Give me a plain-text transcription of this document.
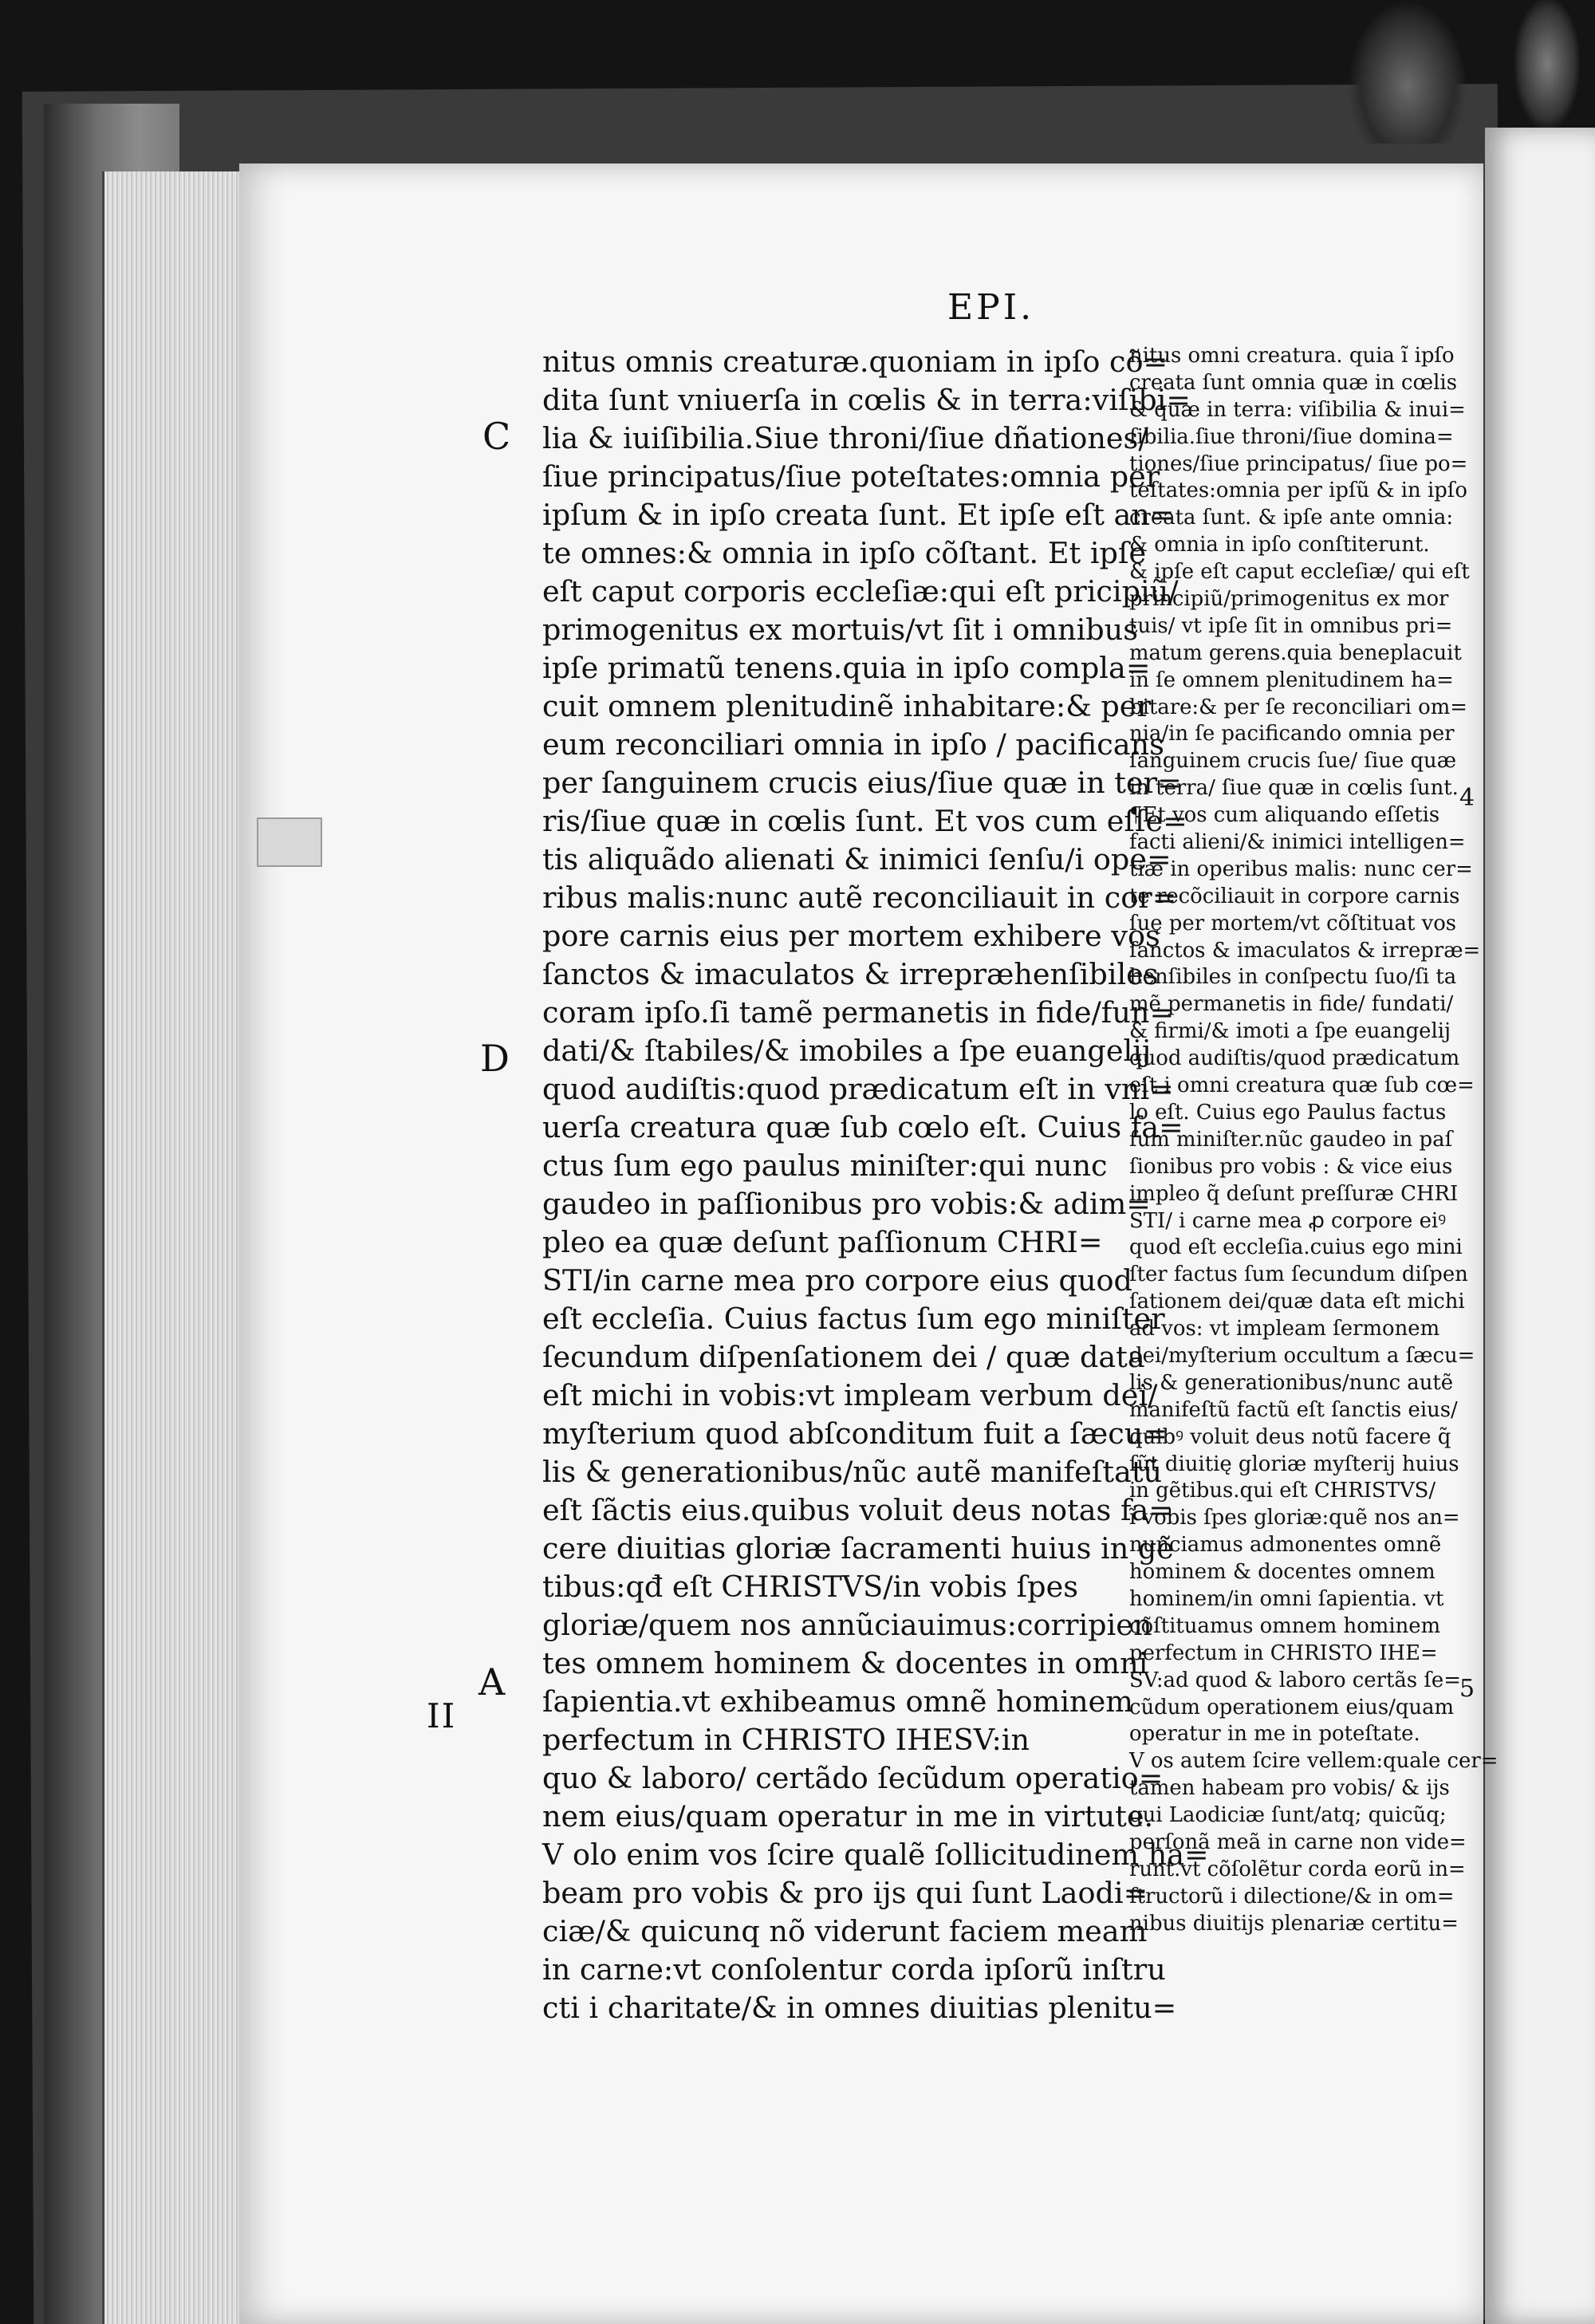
EPI.
C
D
A
II
4
5
nitus omnis creaturæ.quoniam in ipſo cõ=
dita ſunt vniuerſa in cœlis & in terra:viſibi=
lia & iuiſibilia.Siue throni/ſiue dñationes/
ſiue principatus/ſiue poteſtates:omnia per
ipſum & in ipſo creata ſunt. Et ipſe eſt an=
te omnes:& omnia in ipſo cõſtant. Et ipſe
eſt caput corporis eccleſiæ:qui eſt pricipiũ/
primogenitus ex mortuis/vt ſit i omnibus
ipſe primatũ tenens.quia in ipſo compla=
cuit omnem plenitudinẽ inhabitare:& per
eum reconciliari omnia in ipſo / pacificans
per ſanguinem crucis eius/ſiue quæ in ter=
ris/ſiue quæ in cœlis ſunt. Et vos cum eſſe=
tis aliquãdo alienati & inimici ſenſu/i ope=
ribus malis:nunc autẽ reconciliauit in cor=
pore carnis eius per mortem exhibere vos
ſanctos & imaculatos & irrepræhenſibiles
coram ipſo.ſi tamẽ permanetis in fide/fun=
dati/& ſtabiles/& imobiles a ſpe euangelij
quod audiſtis:quod prædicatum eſt in vni=
uerſa creatura quæ ſub cœlo eſt. Cuius fa=
ctus ſum ego paulus miniſter:qui nunc
gaudeo in paſſionibus pro vobis:& adim=
pleo ea quæ deſunt paſſionum CHRI=
STI/in carne mea pro corpore eius quod
eſt eccleſia. Cuius factus ſum ego miniſter
ſecundum diſpenſationem dei / quæ data
eſt michi in vobis:vt impleam verbum dei/
myſterium quod abſconditum fuit a ſæcu=
lis & generationibus/nũc autẽ manifeſtatũ
eſt ſãctis eius.quibus voluit deus notas fa=
cere diuitias gloriæ ſacramenti huius in gẽ
tibus:qđ eſt CHRISTVS/in vobis ſpes
gloriæ/quem nos annũciauimus:corripien
tes omnem hominem & docentes in omni
ſapientia.vt exhibeamus omnẽ hominem
perfectum in CHRISTO IHESV:in
quo & laboro/ certãdo ſecũdum operatio=
nem eius/quam operatur in me in virtute.
V olo enim vos ſcire qualẽ ſollicitudinem ha=
beam pro vobis & pro ijs qui ſunt Laodi=
ciæ/& quicunq nõ viderunt faciem meam
in carne:vt conſolentur corda ipſorũ inſtru
cti i charitate/& in omnes diuitias plenitu=
nitus omni creatura. quia ĩ ipſo
creata ſunt omnia quæ in cœlis
& quæ in terra: viſibilia & inui=
ſibilia.ſiue throni/ſiue domina=
tiones/ſiue principatus/ ſiue po=
teſtates:omnia per ipſũ & in ipſo
creata ſunt. & ipſe ante omnia:
& omnia in ipſo conſtiterunt.
& ipſe eſt caput eccleſiæ/ qui eſt
principiũ/primogenitus ex mor
tuis/ vt ipſe ſit in omnibus pri=
matum gerens.quia beneplacuit
in ſe omnem plenitudinem ha=
bitare:& per ſe reconciliari om=
nia/in ſe pacificando omnia per
ſanguinem crucis ſue/ ſiue quæ
in terra/ ſiue quæ in cœlis ſunt.
¶Et vos cum aliquando eſſetis
facti alieni/& inimici intelligen=
tiæ in operibus malis: nunc cer=
te recõciliauit in corpore carnis
ſuę per mortem/vt cõſtituat vos
ſanctos & imaculatos & irrepræ=
henſibiles in conſpectu ſuo/ſi ta
mẽ permanetis in fide/ fundati/
& firmi/& imoti a ſpe euangelij
quod audiſtis/quod prædicatum
eſt i omni creatura quæ ſub cœ=
lo eſt. Cuius ego Paulus factus
ſum miniſter.nũc gaudeo in paſ
ſionibus pro vobis : & vice eius
impleo q̃ deſunt preſſuræ CHRI
STI/ i carne mea ꝓ corpore eiꝰ
quod eſt eccleſia.cuius ego mini
ſter factus ſum ſecundum diſpen
ſationem dei/quæ data eſt michi
ad vos: vt impleam ſermonem
dei/myſterium occultum a ſæcu=
lis & generationibus/nunc autẽ
manifeſtũ factũ eſt ſanctis eius/
quibꝰ voluit deus notũ facere q̃
ſũt diuitię gloriæ myſterij huius
in gẽtibus.qui eſt CHRISTVS/
ĩ vobis ſpes gloriæ:quẽ nos an=
nunciamus admonentes omnẽ
hominem & docentes omnem
hominem/in omni ſapientia. vt
cõſtituamus omnem hominem
perfectum in CHRISTO IHE=
SV:ad quod & laboro certãs ſe=
cũdum operationem eius/quam
operatur in me in poteſtate.
V os autem ſcire vellem:quale cer=
tamen habeam pro vobis/ & ijs
qui Laodiciæ ſunt/atq; quicũq;
perſonã meã in carne non vide=
runt.vt cõſolẽtur corda eorũ in=
ſtructorũ i dilectione/& in om=
nibus diuitijs plenariæ certitu=
